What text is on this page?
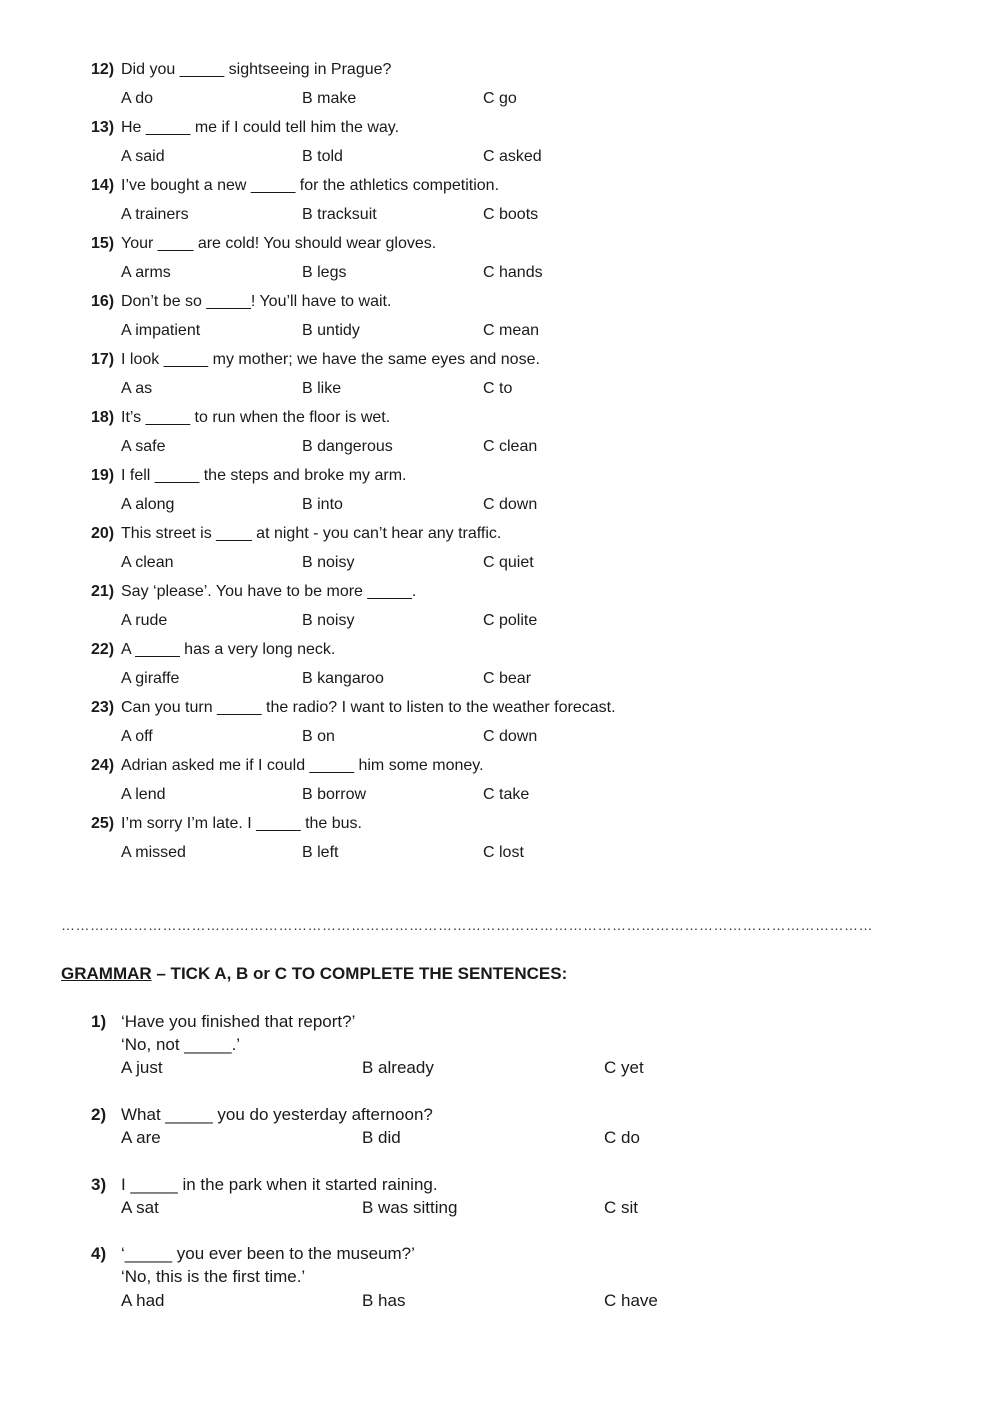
12) Did you _____ sightseeing in Prague?
A do	B make	C go
13) He _____ me if I could tell him the way.
A said	B told	C asked
14) I’ve bought a new _____ for the athletics competition.
A trainers	B tracksuit	C boots
15) Your ____ are cold! You should wear gloves.
A arms	B legs	C hands
16) Don’t be so _____! You’ll have to wait.
A impatient	B untidy	C mean
17) I look _____ my mother; we have the same eyes and nose.
A as	B like	C to
18) It’s _____ to run when the floor is wet.
A safe	B dangerous	C clean
19) I fell _____ the steps and broke my arm.
A along	B into	C down
20) This street is ____ at night - you can’t hear any traffic.
A clean	B noisy	C quiet
21) Say ‘please’. You have to be more _____.
A rude	B noisy	C polite
22) A _____ has a very long neck.
A giraffe	B kangaroo	C bear
23) Can you turn _____ the radio? I want to listen to the weather forecast.
A off	B on	C down
24) Adrian asked me if I could _____ him some money.
A lend	B borrow	C take
25) I’m sorry I’m late. I _____ the bus.
A missed	B left	C lost
……………………………………………………………………………………………………………………………………………………
GRAMMAR – TICK A, B or C TO COMPLETE THE SENTENCES:
1) ‘Have you finished that report?’
‘No, not _____.’
A just	B already	C yet
2) What _____ you do yesterday afternoon?
A are	B did	C do
3) I _____ in the park when it started raining.
A sat	B was sitting	C sit
4) ‘_____ you ever been to the museum?’
‘No, this is the first time.’
A had	B has	C have
